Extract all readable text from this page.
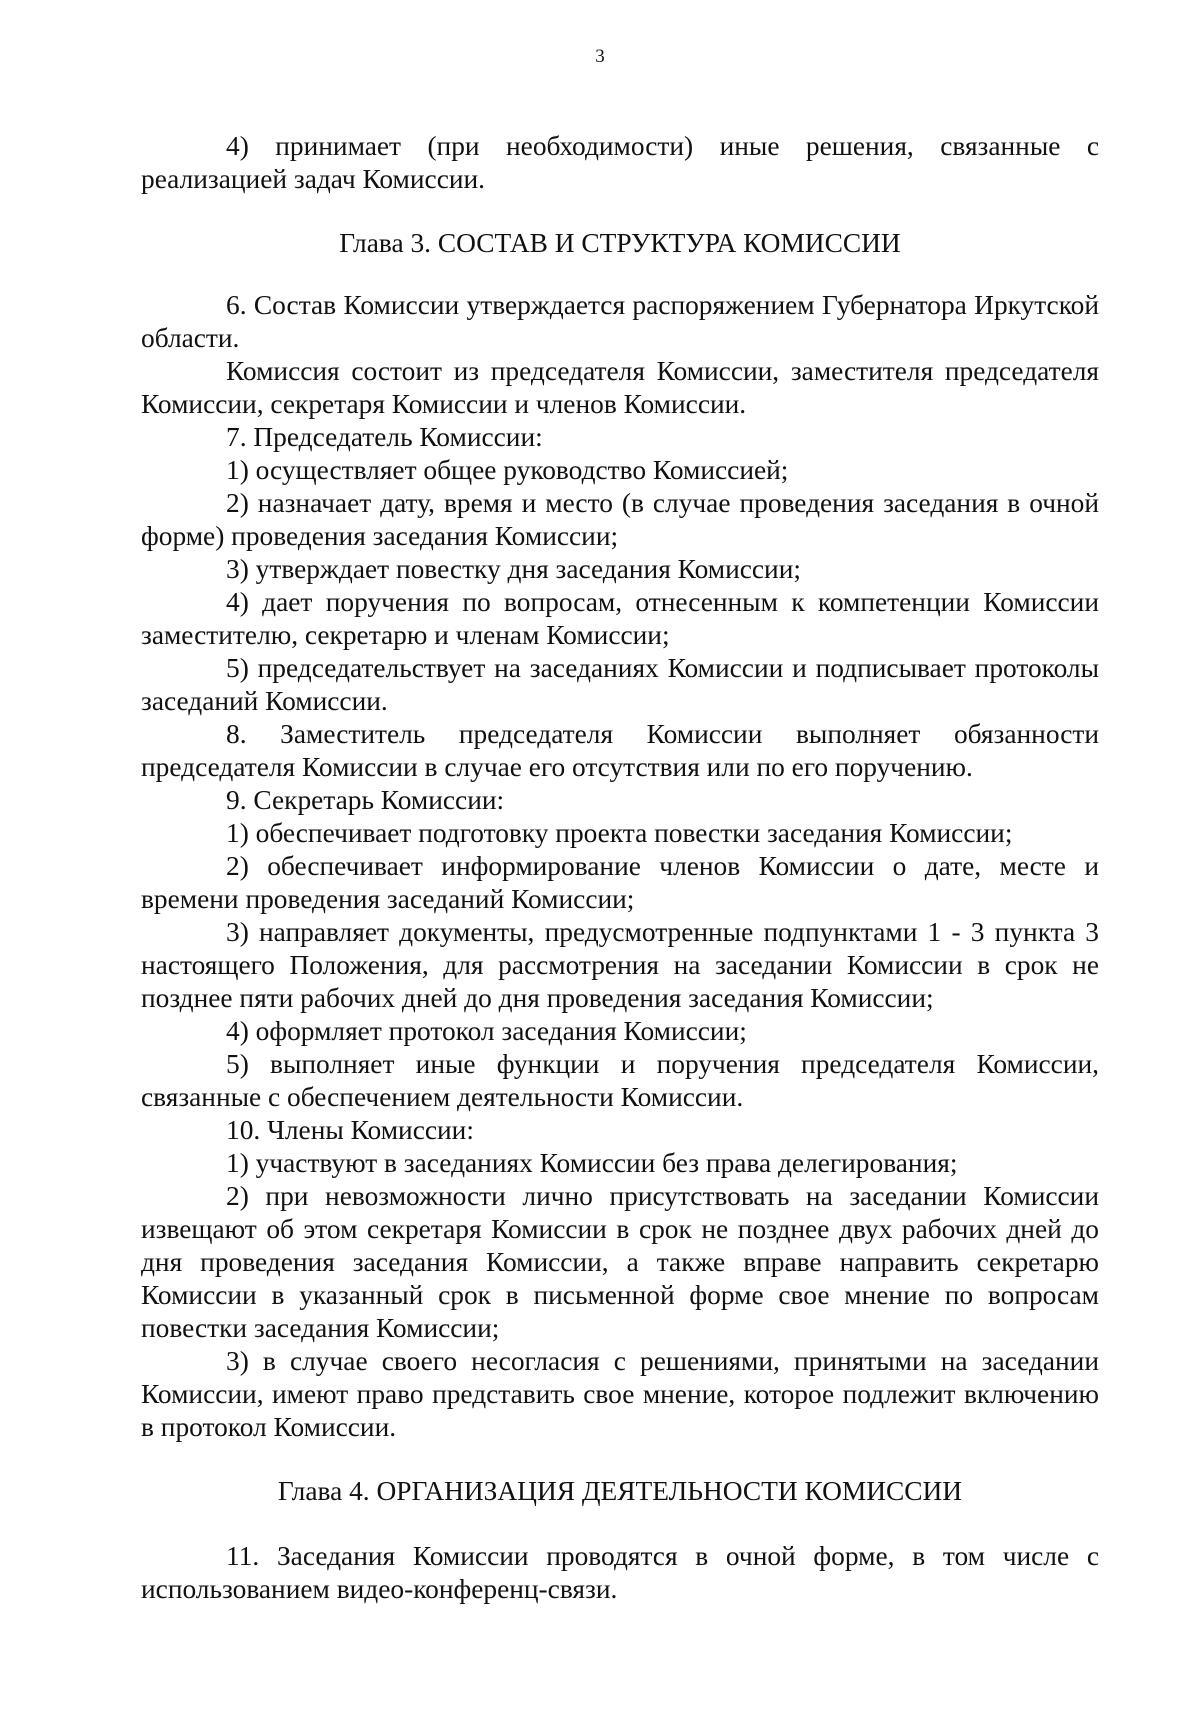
3

4) принимает (при необходимости) иные решения, связанные с реализацией задач Комиссии.

Глава 3. СОСТАВ И СТРУКТУРА КОМИССИИ

6. Состав Комиссии утверждается распоряжением Губернатора Иркутской области.

Комиссия состоит из председателя Комиссии, заместителя председателя Комиссии, секретаря Комиссии и членов Комиссии.

7. Председатель Комиссии:

1) осуществляет общее руководство Комиссией;

2) назначает дату, время и место (в случае проведения заседания в очной форме) проведения заседания Комиссии;

3) утверждает повестку дня заседания Комиссии;

4) дает поручения по вопросам, отнесенным к компетенции Комиссии заместителю, секретарю и членам Комиссии;

5) председательствует на заседаниях Комиссии и подписывает протоколы заседаний Комиссии.

8. Заместитель председателя Комиссии выполняет обязанности председателя Комиссии в случае его отсутствия или по его поручению.

9. Секретарь Комиссии:

1) обеспечивает подготовку проекта повестки заседания Комиссии;

2) обеспечивает информирование членов Комиссии о дате, месте и времени проведения заседаний Комиссии;

3) направляет документы, предусмотренные подпунктами 1 - 3 пункта 3 настоящего Положения, для рассмотрения на заседании Комиссии в срок не позднее пяти рабочих дней до дня проведения заседания Комиссии;

4) оформляет протокол заседания Комиссии;

5) выполняет иные функции и поручения председателя Комиссии, связанные с обеспечением деятельности Комиссии.

10. Члены Комиссии:

1) участвуют в заседаниях Комиссии без права делегирования;

2) при невозможности лично присутствовать на заседании Комиссии извещают об этом секретаря Комиссии в срок не позднее двух рабочих дней до дня проведения заседания Комиссии, а также вправе направить секретарю Комиссии в указанный срок в письменной форме свое мнение по вопросам повестки заседания Комиссии;

3) в случае своего несогласия с решениями, принятыми на заседании Комиссии, имеют право представить свое мнение, которое подлежит включению в протокол Комиссии.

Глава 4. ОРГАНИЗАЦИЯ ДЕЯТЕЛЬНОСТИ КОМИССИИ

11. Заседания Комиссии проводятся в очной форме, в том числе с использованием видео-конференц-связи.
